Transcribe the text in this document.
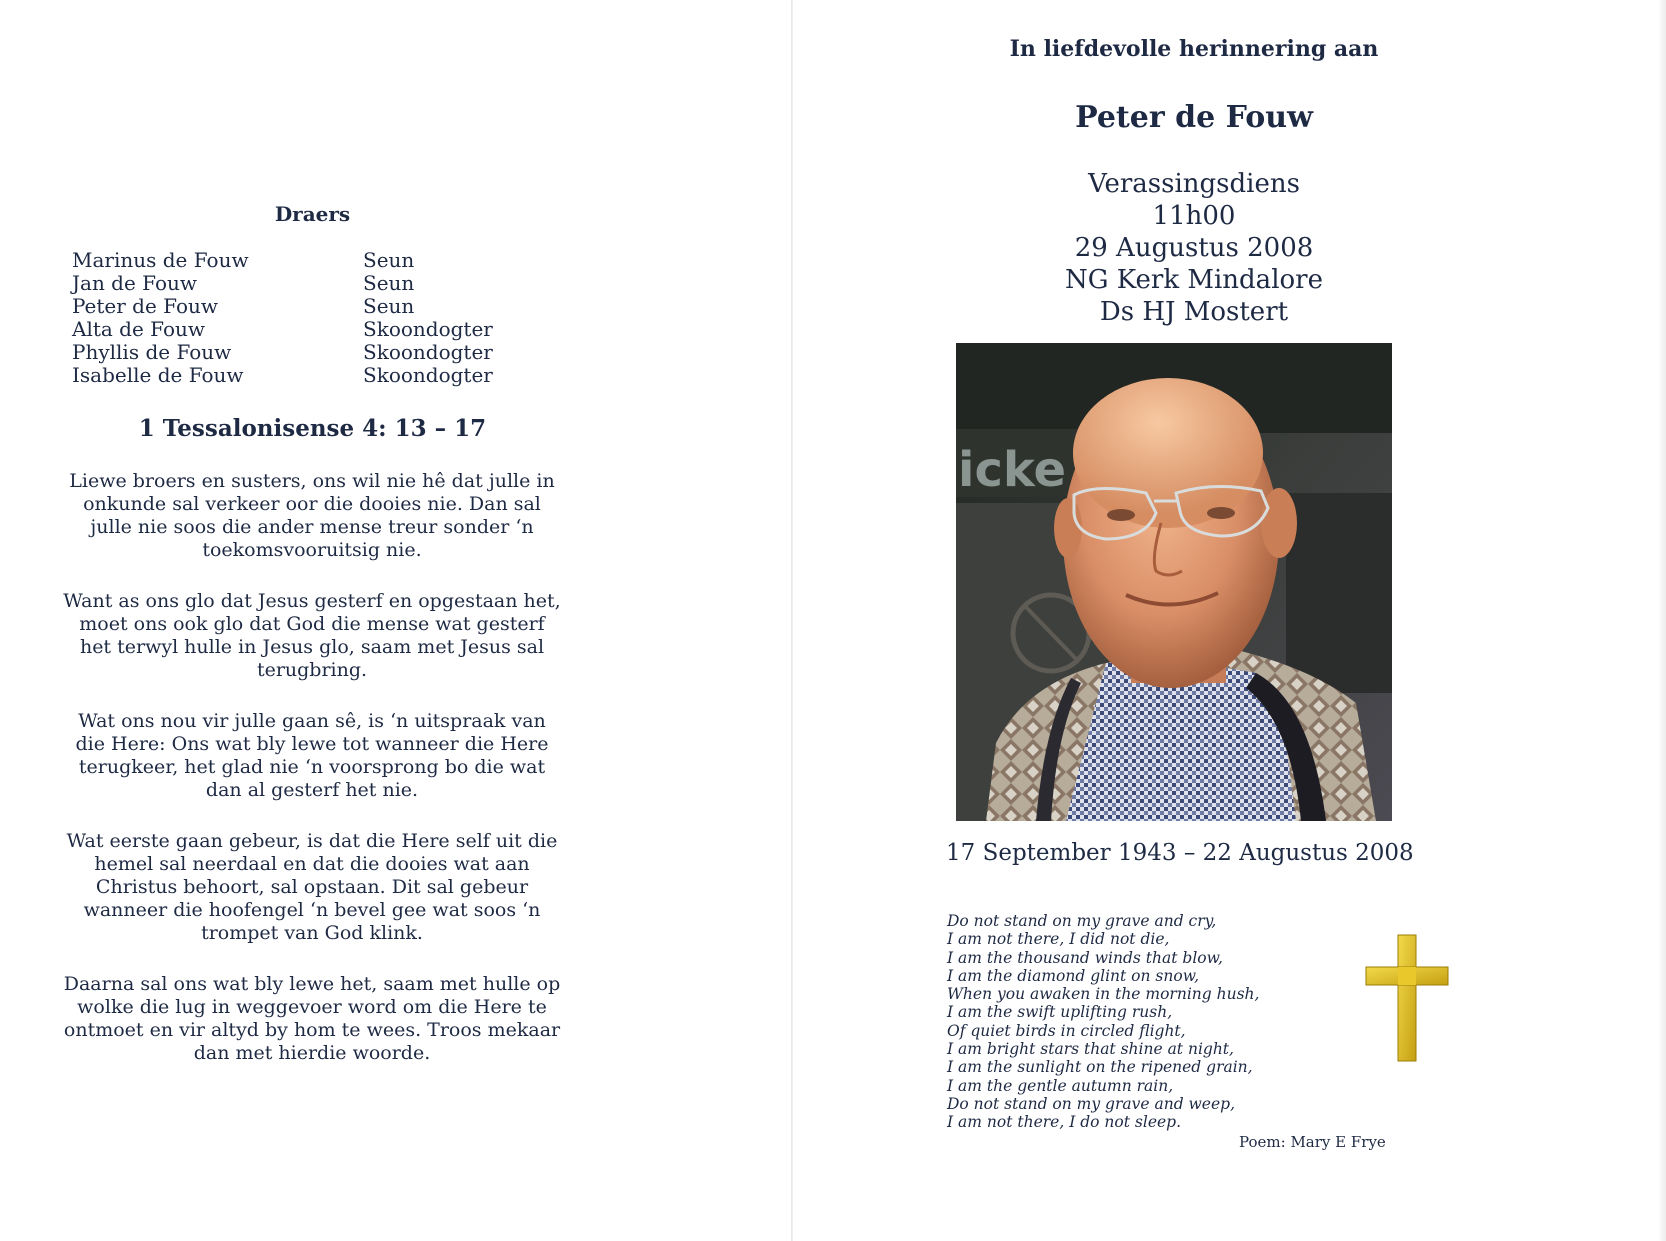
Draers
Marinus de Fouw	Seun
Jan de Fouw	Seun
Peter de Fouw	Seun
Alta de Fouw	Skoondogter
Phyllis de Fouw	Skoondogter
Isabelle de Fouw	Skoondogter
1 Tessalonisense 4: 13 – 17

Liewe broers en susters, ons wil nie hê dat julle in onkunde sal verkeer oor die dooies nie. Dan sal julle nie soos die ander mense treur sonder ‘n toekomsvooruitsig nie.

Want as ons glo dat Jesus gesterf en opgestaan het, moet ons ook glo dat God die mense wat gesterf het terwyl hulle in Jesus glo, saam met Jesus sal terugbring.

Wat ons nou vir julle gaan sê, is ‘n uitspraak van die Here: Ons wat bly lewe tot wanneer die Here terugkeer, het glad nie ‘n voorsprong bo die wat dan al gesterf het nie.

Wat eerste gaan gebeur, is dat die Here self uit die hemel sal neerdaal en dat die dooies wat aan Christus behoort, sal opstaan. Dit sal gebeur wanneer die hoofengel ‘n bevel gee wat soos ‘n trompet van God klink.

Daarna sal ons wat bly lewe het, saam met hulle op wolke die lug in weggevoer word om die Here te ontmoet en vir altyd by hom te wees. Troos mekaar dan met hierdie woorde.

In liefdevolle herinnering aan
Peter de Fouw
Verassingsdiens
11h00
29 Augustus 2008
NG Kerk Mindalore
Ds HJ Mostert
icke
17 September 1943 – 22 Augustus 2008
Do not stand on my grave and cry,
I am not there, I did not die,
I am the thousand winds that blow,
I am the diamond glint on snow,
When you awaken in the morning hush,
I am the swift uplifting rush,
Of quiet birds in circled flight,
I am bright stars that shine at night,
I am the sunlight on the ripened grain,
I am the gentle autumn rain,
Do not stand on my grave and weep,
I am not there, I do not sleep.
Poem: Mary E Frye
